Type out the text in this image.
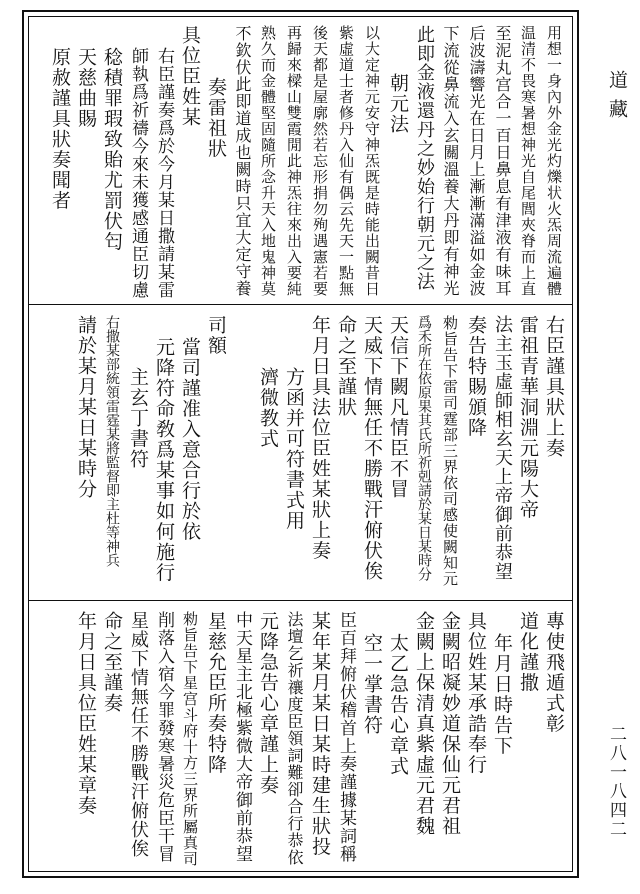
用想一身內外金光灼爍状火炁周流遍體
温清不畏寒暑想神光自尾閭夾脊而上直
至泥丸宫合一百日鼻息有津液有味耳
后波濤響光在日月上漸漸滿溢如金波
下流從鼻流入玄關溫養大丹即有神光
此即金液還丹之妙始行朝元之法
朝元法
以大定神元安守神炁既是時能出闕昔日
紫虛道士者修丹入仙有偶云先天一點無
後天都是屋廓然若忘形捐勿殉遇憲若要
再歸來樑山雙霞閒此神炁往來出入要純
熟久而金體堅固隨所念升天入地鬼神莫
不欽伏此即道成也闕時只宜大定守養
奏雷祖狀
具位臣姓某
右臣謹奏爲於今月某日撒請某雷
師執爲祈禱今來未獲感通臣切慮
稔積罪瑕致貽尤罰伏匄
天慈曲賜
原赦謹具狀奏聞者
右臣謹具狀上奏
雷祖青華洞淵元陽大帝
法主玉虛師相玄天上帝御前恭望
奏告特賜頒降
勑旨告下雷司霆部三界依司感使闕知元
爲禾所在依原果其氏所祈剋請於某日某時分
天信下闕凡情臣不冒
天威下情無任不勝戰汗俯伏俟
命之至謹狀
年月日具法位臣姓某狀上奏
方函并可符書式用
濟微教式
司額
當司謹准入意合行於依
元降符命敎爲某事如何施行
主玄丁書符
右撒某部統領雷霆某將監督即主杜等神兵
請於某月某日某時分
專使飛遁式彰
道化謹撒
年月日時告下
具位姓某承誥奉行
金闕昭凝妙道保仙元君祖
金闕上保清真紫虛元君魏
太乙急告心章式
空一掌書符
臣百拜俯伏稽首上奏謹據某詞稱
某年某月某日某時建生狀投
法壇乞祈禳度臣領詞難卻合行恭依
元降急告心章謹上奏
中天星主北極紫微大帝御前恭望
星慈允臣所奏特降
勑旨告下星宫斗府十方三界所屬真司
削落入宿今罪發寒暑災危臣干冒
星威下情無任不勝戰汗俯伏俟
命之至謹奏
年月日具位臣姓某章奏
道藏
二八一八四二
